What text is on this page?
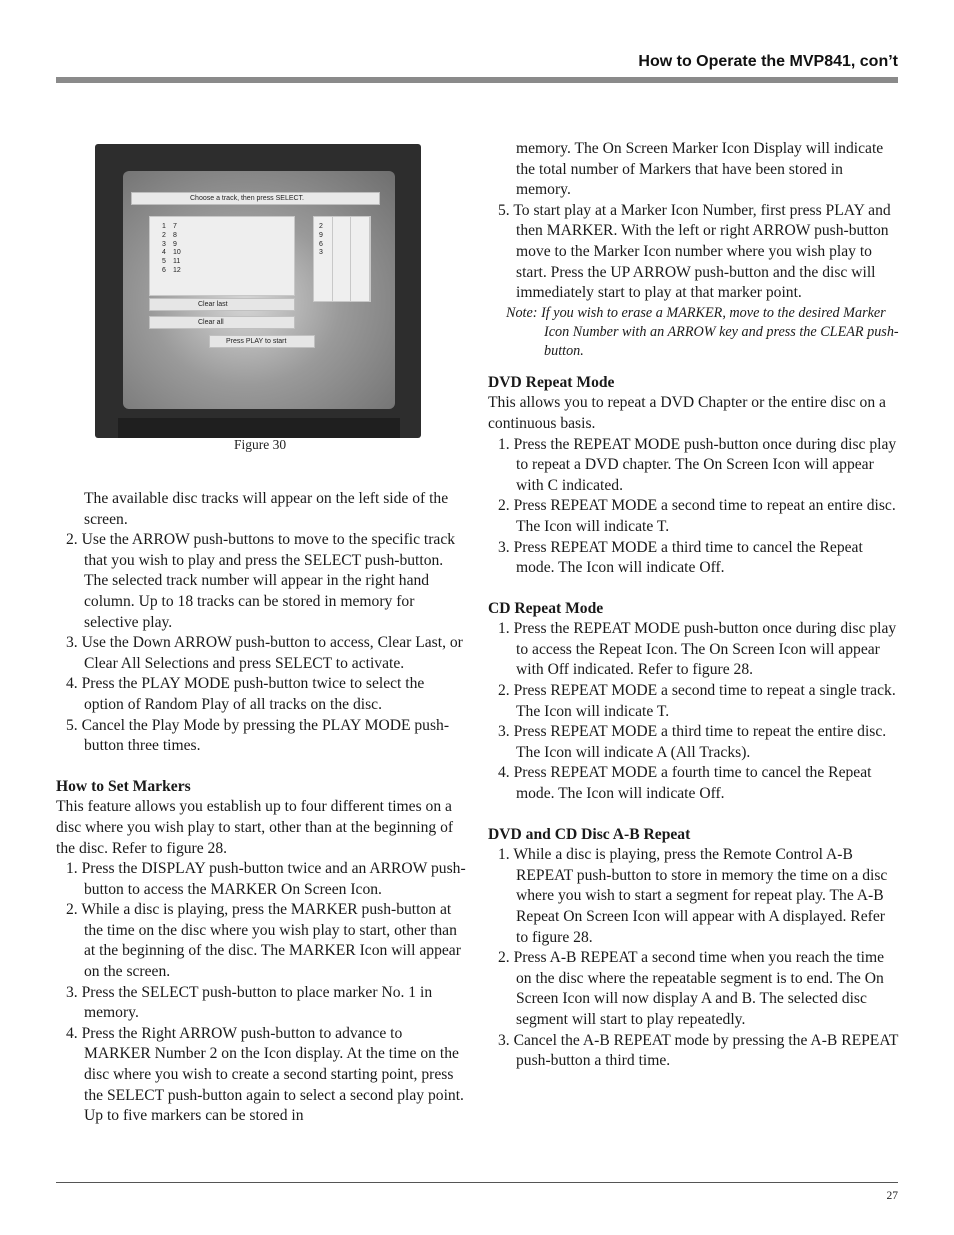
How to Operate the MVP841, con’t
Choose a track, then press SELECT.
1 7
2 8
3 9
4 10
5 11
6 12
2
9
6
3
Clear last
Clear all
Press PLAY to start
Figure 30
The available disc tracks will appear on the left side of the screen.
2. Use the ARROW push-buttons to move to the specific track that you wish to play and press the SELECT push-button. The selected track number will appear in the right hand column. Up to 18 tracks can be stored in memory for selective play.
3. Use the Down ARROW push-button to access, Clear Last, or Clear All Selections and press SELECT to activate.
4. Press the PLAY MODE push-button twice to select the option of Random Play of all tracks on the disc.
5. Cancel the Play Mode by pressing the PLAY MODE push-button three times.
How to Set Markers
This feature allows you establish up to four different times on a disc where you wish play to start, other than at the beginning of the disc. Refer to figure 28.
1. Press the DISPLAY push-button twice and an ARROW push-button to access the MARKER On Screen Icon.
2. While a disc is playing, press the MARKER push-button at the time on the disc where you wish play to start, other than at the beginning of the disc. The MARKER Icon will appear on the screen.
3. Press the SELECT push-button to place marker No. 1 in memory.
4. Press the Right ARROW push-button to advance to MARKER Number 2 on the Icon display. At the time on the disc where you wish to create a second starting point, press the SELECT push-button again to select a second play point. Up to five markers can be stored in
memory. The On Screen Marker Icon Display will indicate the total number of Markers that have been stored in memory.
5. To start play at a Marker Icon Number, first press PLAY and then MARKER. With the left or right ARROW push-button move to the Marker Icon number where you wish play to start. Press the UP ARROW push-button and the disc will immediately start to play at that marker point.
Note: If you wish to erase a MARKER, move to the desired Marker Icon Number with an ARROW key and press the CLEAR push-button.
DVD Repeat Mode
This allows you to repeat a DVD Chapter or the entire disc on a continuous basis.
1. Press the REPEAT MODE push-button once during disc play to repeat a DVD chapter. The On Screen Icon will appear with C indicated.
2. Press REPEAT MODE a second time to repeat an entire disc. The Icon will indicate T.
3. Press REPEAT MODE a third time to cancel the Repeat mode. The Icon will indicate Off.
CD Repeat Mode
1. Press the REPEAT MODE push-button once during disc play to access the Repeat Icon. The On Screen Icon will appear with Off indicated. Refer to figure 28.
2. Press REPEAT MODE a second time to repeat a single track. The Icon will indicate T.
3. Press REPEAT MODE a third time to repeat the entire disc. The Icon will indicate A (All Tracks).
4. Press REPEAT MODE a fourth time to cancel the Repeat mode. The Icon will indicate Off.
DVD and CD Disc A-B Repeat
1. While a disc is playing, press the Remote Control A-B REPEAT push-button to store in memory the time on a disc where you wish to start a segment for repeat play. The A-B Repeat On Screen Icon will appear with A displayed. Refer to figure 28.
2. Press A-B REPEAT a second time when you reach the time on the disc where the repeatable segment is to end. The On Screen Icon will now display A and B. The selected disc segment will start to play repeatedly.
3. Cancel the A-B REPEAT mode by pressing the A-B REPEAT push-button a third time.
27
